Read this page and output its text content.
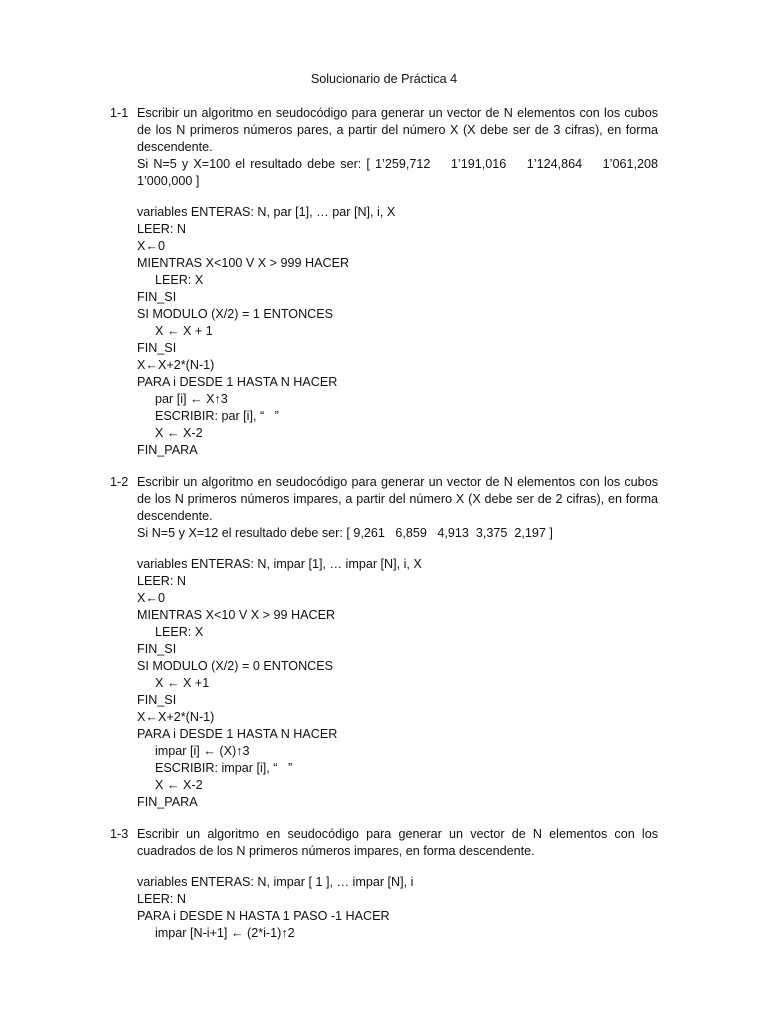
Solucionario de Práctica 4
1-1 Escribir un algoritmo en seudocódigo para generar un vector de N elementos con los cubos
de los N primeros números pares, a partir del número X (X debe ser de 3 cifras), en forma
descendente.
Si N=5 y X=100 el resultado debe ser: [ 1’259,712    1’191,016    1’124,864    1’061,208
1’000,000 ]
variables ENTERAS: N, par [1], … par [N], i, X
LEER: N
X←0
MIENTRAS X<100 V X > 999 HACER
LEER: X
FIN_SI
SI MODULO (X/2) = 1 ENTONCES
X ← X + 1
FIN_SI
X←X+2*(N-1)
PARA i DESDE 1 HASTA N HACER
par [i] ← X↑3
ESCRIBIR: par [i], “   ”
X ← X-2
FIN_PARA
1-2 Escribir un algoritmo en seudocódigo para generar un vector de N elementos con los cubos
de los N primeros números impares, a partir del número X (X debe ser de 2 cifras), en forma
descendente.
Si N=5 y X=12 el resultado debe ser: [ 9,261   6,859   4,913  3,375  2,197 ]
variables ENTERAS: N, impar [1], … impar [N], i, X
LEER: N
X←0
MIENTRAS X<10 V X > 99 HACER
LEER: X
FIN_SI
SI MODULO (X/2) = 0 ENTONCES
X ← X +1
FIN_SI
X←X+2*(N-1)
PARA i DESDE 1 HASTA N HACER
impar [i] ← (X)↑3
ESCRIBIR: impar [i], “   ”
X ← X-2
FIN_PARA
1-3 Escribir un algoritmo en seudocódigo para generar un vector de N elementos con los
cuadrados de los N primeros números impares, en forma descendente.
variables ENTERAS: N, impar [ 1 ], … impar [N], i
LEER: N
PARA i DESDE N HASTA 1 PASO -1 HACER
impar [N-i+1] ← (2*i-1)↑2
